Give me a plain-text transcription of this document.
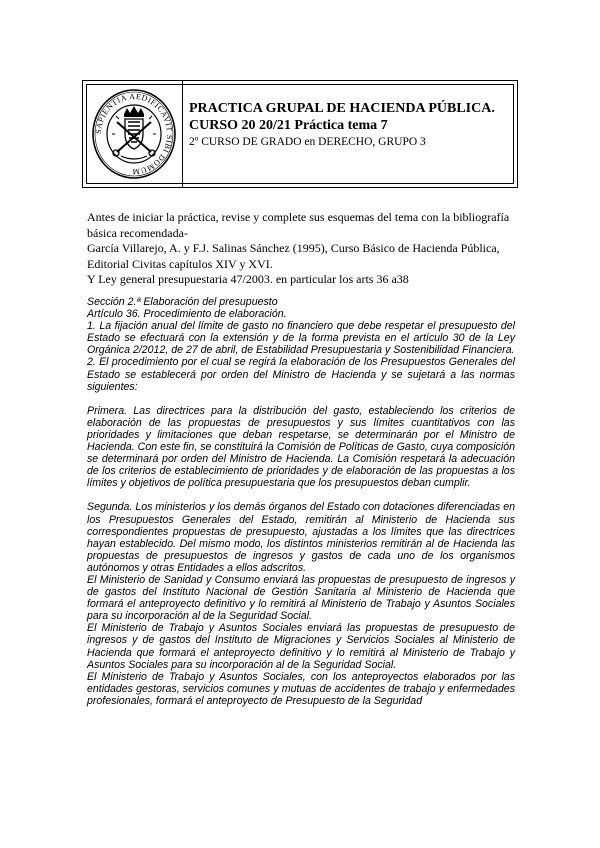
SAPIENTIA AEDIFICAVIT SIBI DOMUM
PRACTICA GRUPAL DE HACIENDA PÚBLICA.
CURSO 20 20/21 Práctica tema 7
2º CURSO DE GRADO en DERECHO, GRUPO 3

Antes de iniciar la práctica, revise y complete sus esquemas del tema con la bibliografía básica recomendada-

García Villarejo, A. y F.J. Salinas Sánchez (1995), Curso Básico de Hacienda Pública, Editorial Civitas capítulos XIV y XVI.

Y Ley general presupuestaria 47/2003. en particular los arts 36 a38

Sección 2.ª Elaboración del presupuesto

Artículo 36. Procedimiento de elaboración.

1. La fijación anual del límite de gasto no financiero que debe respetar el presupuesto del Estado se efectuará con la extensión y de la forma prevista en el artículo 30 de la Ley Orgánica 2/2012, de 27 de abril, de Estabilidad Presupuestaria y Sostenibilidad Financiera.

2. El procedimiento por el cual se regirá la elaboración de los Presupuestos Generales del Estado se establecerá por orden del Ministro de Hacienda y se sujetará a las normas siguientes:

Primera. Las directrices para la distribución del gasto, estableciendo los criterios de elaboración de las propuestas de presupuestos y sus límites cuantitativos con las prioridades y limitaciones que deban respetarse, se determinarán por el Ministro de Hacienda. Con este fin, se constituirá la Comisión de Políticas de Gasto, cuya composición se determinará por orden del Ministro de Hacienda. La Comisión respetará la adecuación de los criterios de establecimiento de prioridades y de elaboración de las propuestas a los límites y objetivos de política presupuestaria que los presupuestos deban cumplir.

Segunda. Los ministerios y los demás órganos del Estado con dotaciones diferenciadas en los Presupuestos Generales del Estado, remitirán al Ministerio de Hacienda sus correspondientes propuestas de presupuesto, ajustadas a los límites que las directrices hayan establecido. Del mismo modo, los distintos ministerios remitirán al de Hacienda las propuestas de presupuestos de ingresos y gastos de cada uno de los organismos autónomos y otras Entidades a ellos adscritos.

El Ministerio de Sanidad y Consumo enviará las propuestas de presupuesto de ingresos y de gastos del Instituto Nacional de Gestión Sanitaria al Ministerio de Hacienda que formará el anteproyecto definitivo y lo remitirá al Ministerio de Trabajo y Asuntos Sociales para su incorporación al de la Seguridad Social.

El Ministerio de Trabajo y Asuntos Sociales enviará las propuestas de presupuesto de ingresos y de gastos del Instituto de Migraciones y Servicios Sociales al Ministerio de Hacienda que formará el anteproyecto definitivo y lo remitirá al Ministerio de Trabajo y Asuntos Sociales para su incorporación al de la Seguridad Social.

El Ministerio de Trabajo y Asuntos Sociales, con los anteproyectos elaborados por las entidades gestoras, servicios comunes y mutuas de accidentes de trabajo y enfermedades profesionales, formará el anteproyecto de Presupuesto de la Seguridad
